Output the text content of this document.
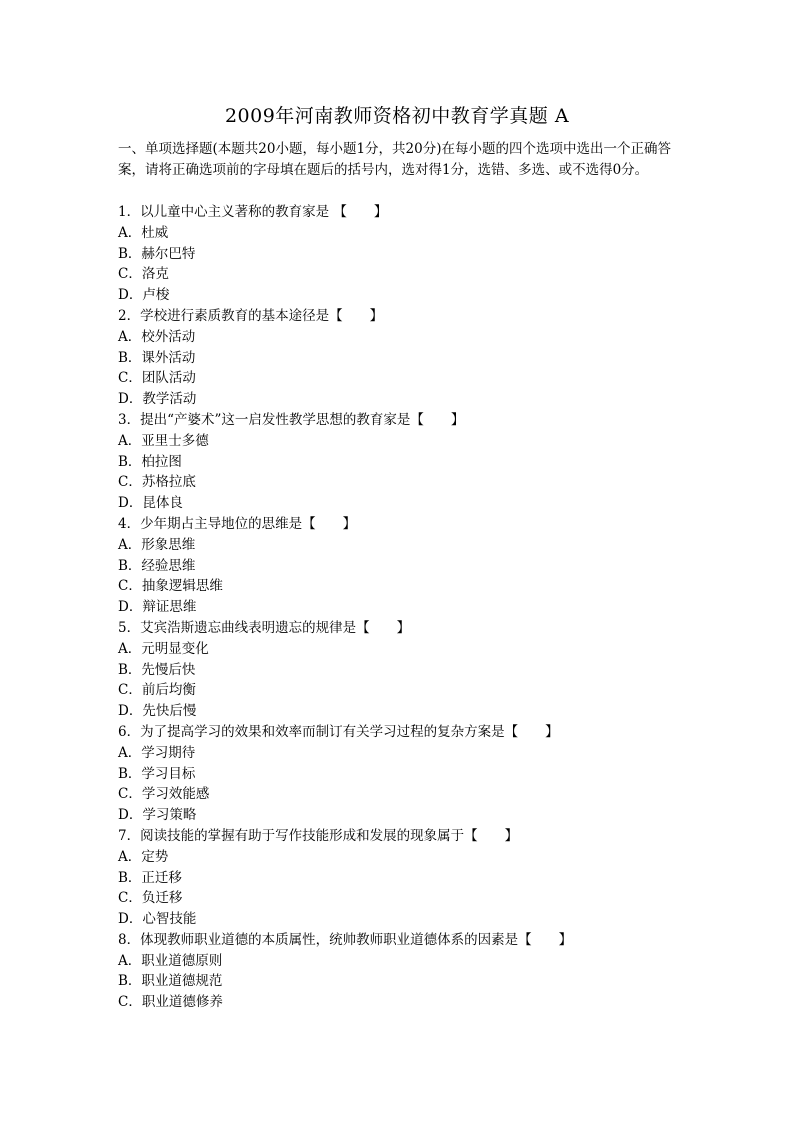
2009年河南教师资格初中教育学真题 A
一、单项选择题(本题共20小题，每小题1分，共20分)在每小题的四个选项中选出一个正确答案，请将正确选项前的字母填在题后的括号内，选对得1分，选错、多选、或不选得0分。
1．以儿童中心主义著称的教育家是 【　　】
A．杜威
B．赫尔巴特
C．洛克
D．卢梭
2．学校进行素质教育的基本途径是【　　】
A．校外活动
B．课外活动
C．团队活动
D．教学活动
3．提出“产婆术”这一启发性教学思想的教育家是【　　】
A．亚里士多德
B．柏拉图
C．苏格拉底
D．昆体良
4．少年期占主导地位的思维是【　　】
A．形象思维
B．经验思维
C．抽象逻辑思维
D．辩证思维
5．艾宾浩斯遗忘曲线表明遗忘的规律是【　　】
A．元明显变化
B．先慢后快
C．前后均衡
D．先快后慢
6．为了提高学习的效果和效率而制订有关学习过程的复杂方案是【　　】
A．学习期待
B．学习目标
C．学习效能感
D．学习策略
7．阅读技能的掌握有助于写作技能形成和发展的现象属于【　　】
A．定势
B．正迁移
C．负迁移
D．心智技能
8．体现教师职业道德的本质属性，统帅教师职业道德体系的因素是【　　】
A．职业道德原则
B．职业道德规范
C．职业道德修养
